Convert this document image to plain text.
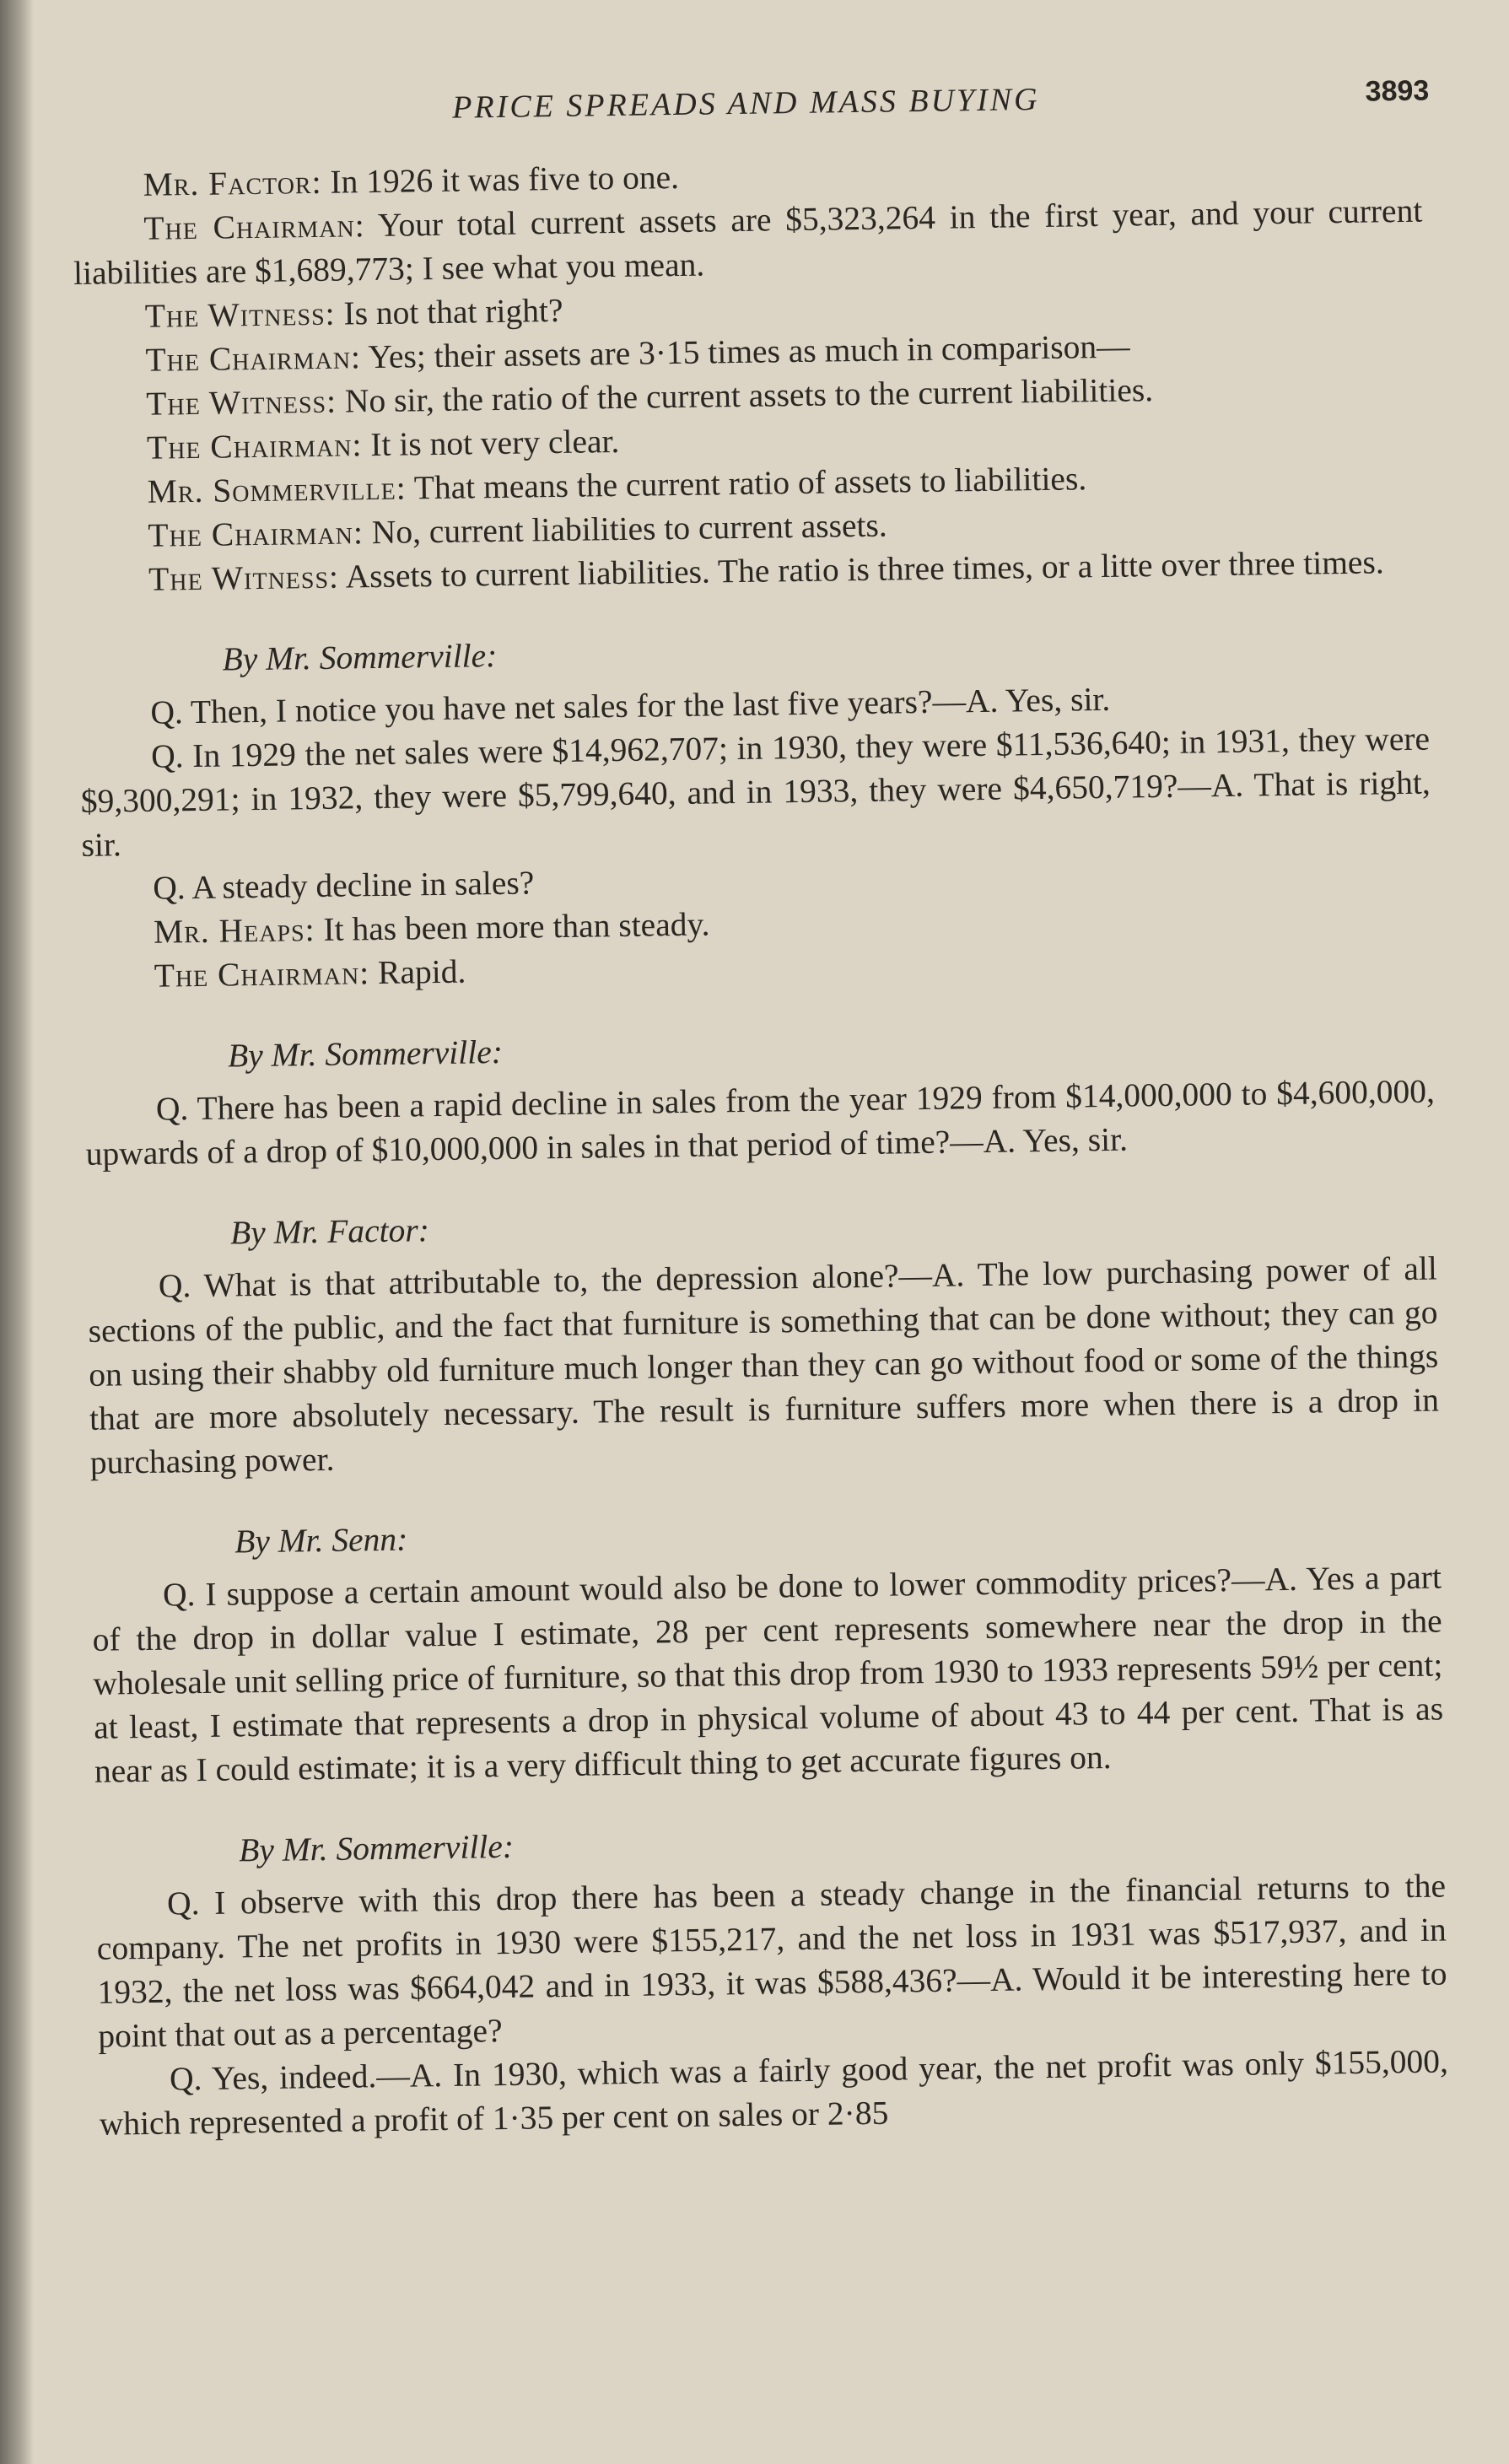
PRICE SPREADS AND MASS BUYING	3893

Mr. Factor: In 1926 it was five to one.

The Chairman: Your total current assets are $5,323,264 in the first year, and your current liabilities are $1,689,773; I see what you mean.

The Witness: Is not that right?

The Chairman: Yes; their assets are 3·15 times as much in comparison—

The Witness: No sir, the ratio of the current assets to the current liabilities.

The Chairman: It is not very clear.

Mr. Sommerville: That means the current ratio of assets to liabilities.

The Chairman: No, current liabilities to current assets.

The Witness: Assets to current liabilities. The ratio is three times, or a litte over three times.

By Mr. Sommerville:

Q. Then, I notice you have net sales for the last five years?—A. Yes, sir.

Q. In 1929 the net sales were $14,962,707; in 1930, they were $11,536,640; in 1931, they were $9,300,291; in 1932, they were $5,799,640, and in 1933, they were $4,650,719?—A. That is right, sir.

Q. A steady decline in sales?

Mr. Heaps: It has been more than steady.

The Chairman: Rapid.

By Mr. Sommerville:

Q. There has been a rapid decline in sales from the year 1929 from $14,000,000 to $4,600,000, upwards of a drop of $10,000,000 in sales in that period of time?—A. Yes, sir.

By Mr. Factor:

Q. What is that attributable to, the depression alone?—A. The low purchasing power of all sections of the public, and the fact that furniture is something that can be done without; they can go on using their shabby old furniture much longer than they can go without food or some of the things that are more absolutely necessary. The result is furniture suffers more when there is a drop in purchasing power.

By Mr. Senn:

Q. I suppose a certain amount would also be done to lower commodity prices?—A. Yes a part of the drop in dollar value I estimate, 28 per cent represents somewhere near the drop in the wholesale unit selling price of furniture, so that this drop from 1930 to 1933 represents 59½ per cent; at least, I estimate that represents a drop in physical volume of about 43 to 44 per cent. That is as near as I could estimate; it is a very difficult thing to get accurate figures on.

By Mr. Sommerville:

Q. I observe with this drop there has been a steady change in the financial returns to the company. The net profits in 1930 were $155,217, and the net loss in 1931 was $517,937, and in 1932, the net loss was $664,042 and in 1933, it was $588,436?—A. Would it be interesting here to point that out as a percentage?

Q. Yes, indeed.—A. In 1930, which was a fairly good year, the net profit was only $155,000, which represented a profit of 1·35 per cent on sales or 2·85
